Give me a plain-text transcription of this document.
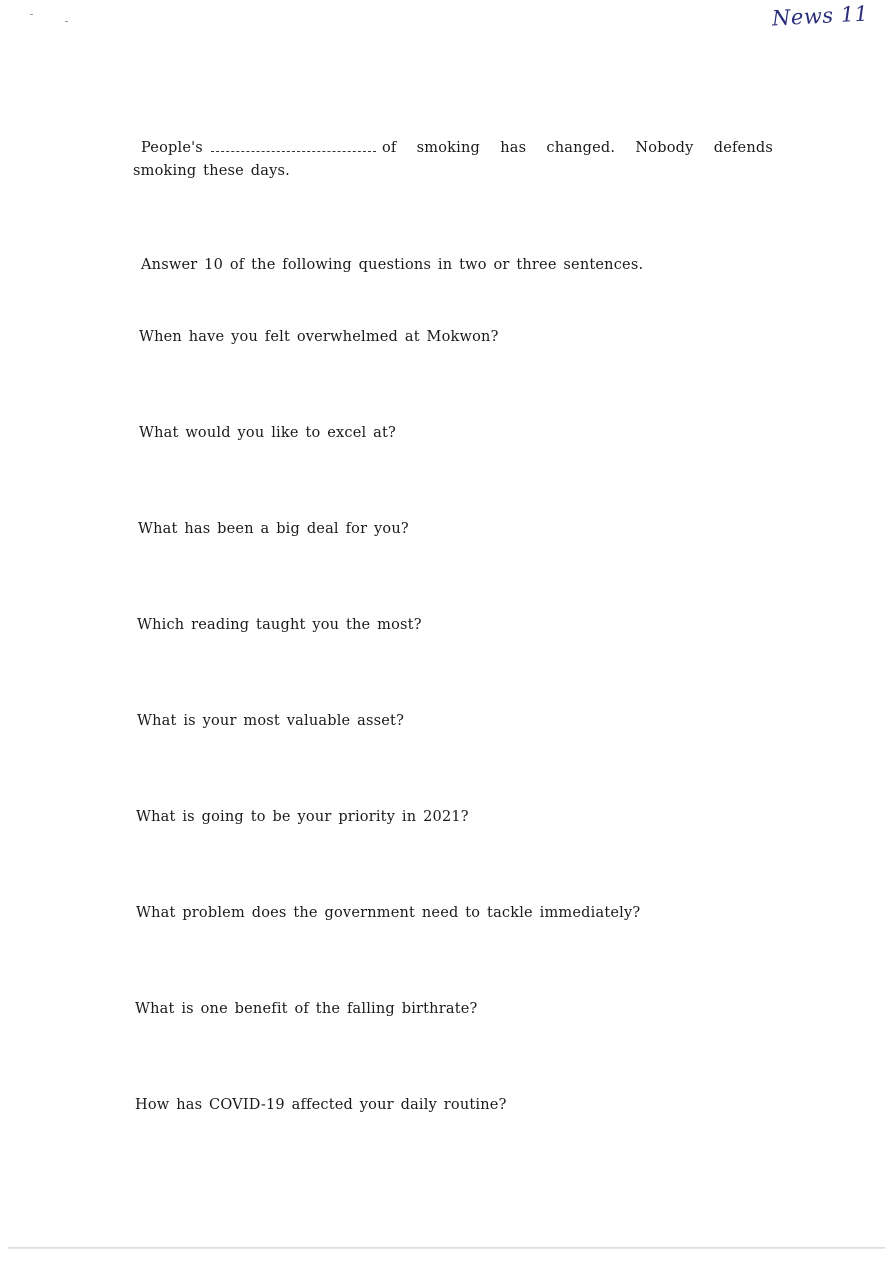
News 11

People's	of smoking has changed. Nobody defends smoking these days.

Answer 10 of the following questions in two or three sentences.
When have you felt overwhelmed at Mokwon?
What would you like to excel at?
What has been a big deal for you?
Which reading taught you the most?
What is your most valuable asset?
What is going to be your priority in 2021?
What problem does the government need to tackle immediately?
What is one benefit of the falling birthrate?
How has COVID-19 affected your daily routine?
